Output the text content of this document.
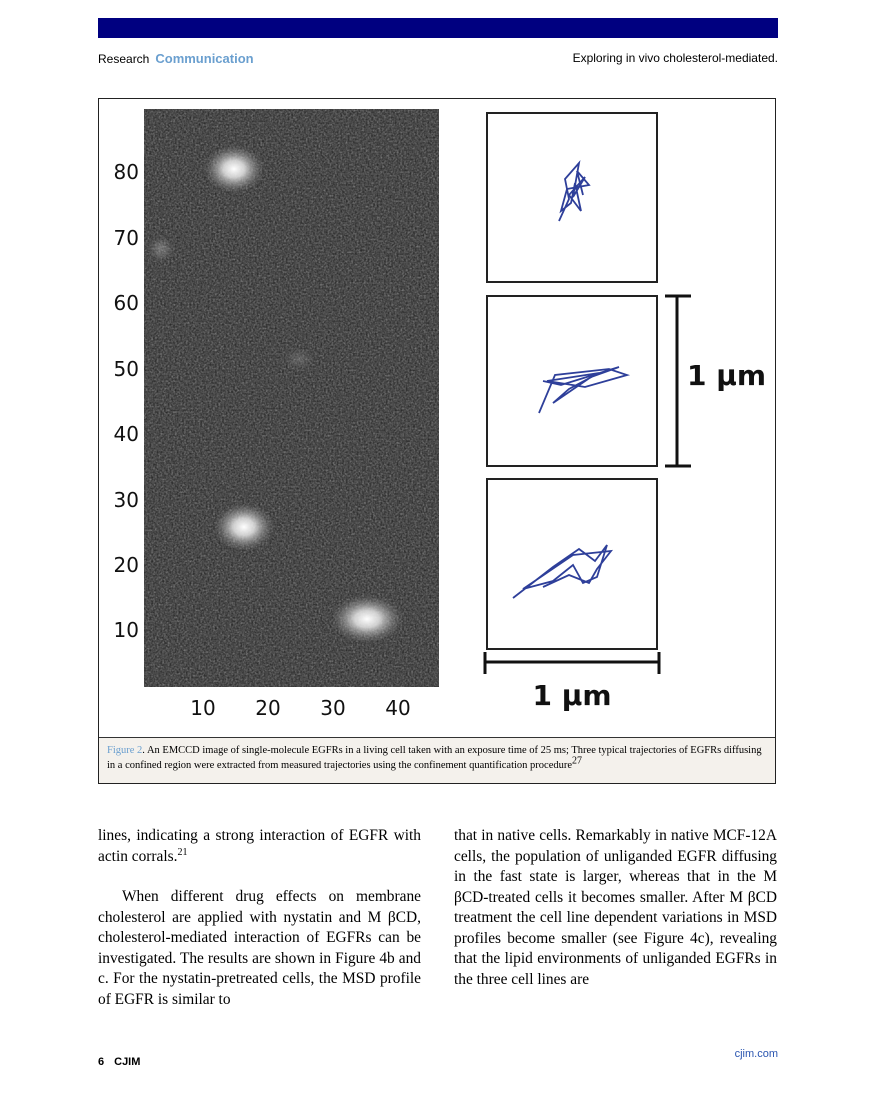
Research Communication	Exploring in vivo cholesterol-mediated.
80
70
60
50
40
30
20
10
10 20 30 40
1 μm
1 μm
Figure 2. An EMCCD image of single-molecule EGFRs in a living cell taken with an exposure time of 25 ms; Three typical trajectories of EGFRs diffusing in a confined region were extracted from measured trajectories using the confinement quantification procedure$^{27}$

lines, indicating a strong interaction of EGFR with actin corrals.$^{21}$

When different drug effects on membrane cholesterol are applied with nystatin and M βCD, cholesterol-mediated interaction of EGFRs can be investigated. The results are shown in Figure 4b and c. For the nystatin-pretreated cells, the MSD profile of EGFR is similar to

that in native cells. Remarkably in native MCF-12A cells, the population of unliganded EGFR diffusing in the fast state is larger, whereas that in the M βCD-treated cells it becomes smaller. After M βCD treatment the cell line dependent variations in MSD profiles become smaller (see Figure 4c), revealing that the lipid environments of unliganded EGFRs in the three cell lines are

6 CJIM
cjim.com
